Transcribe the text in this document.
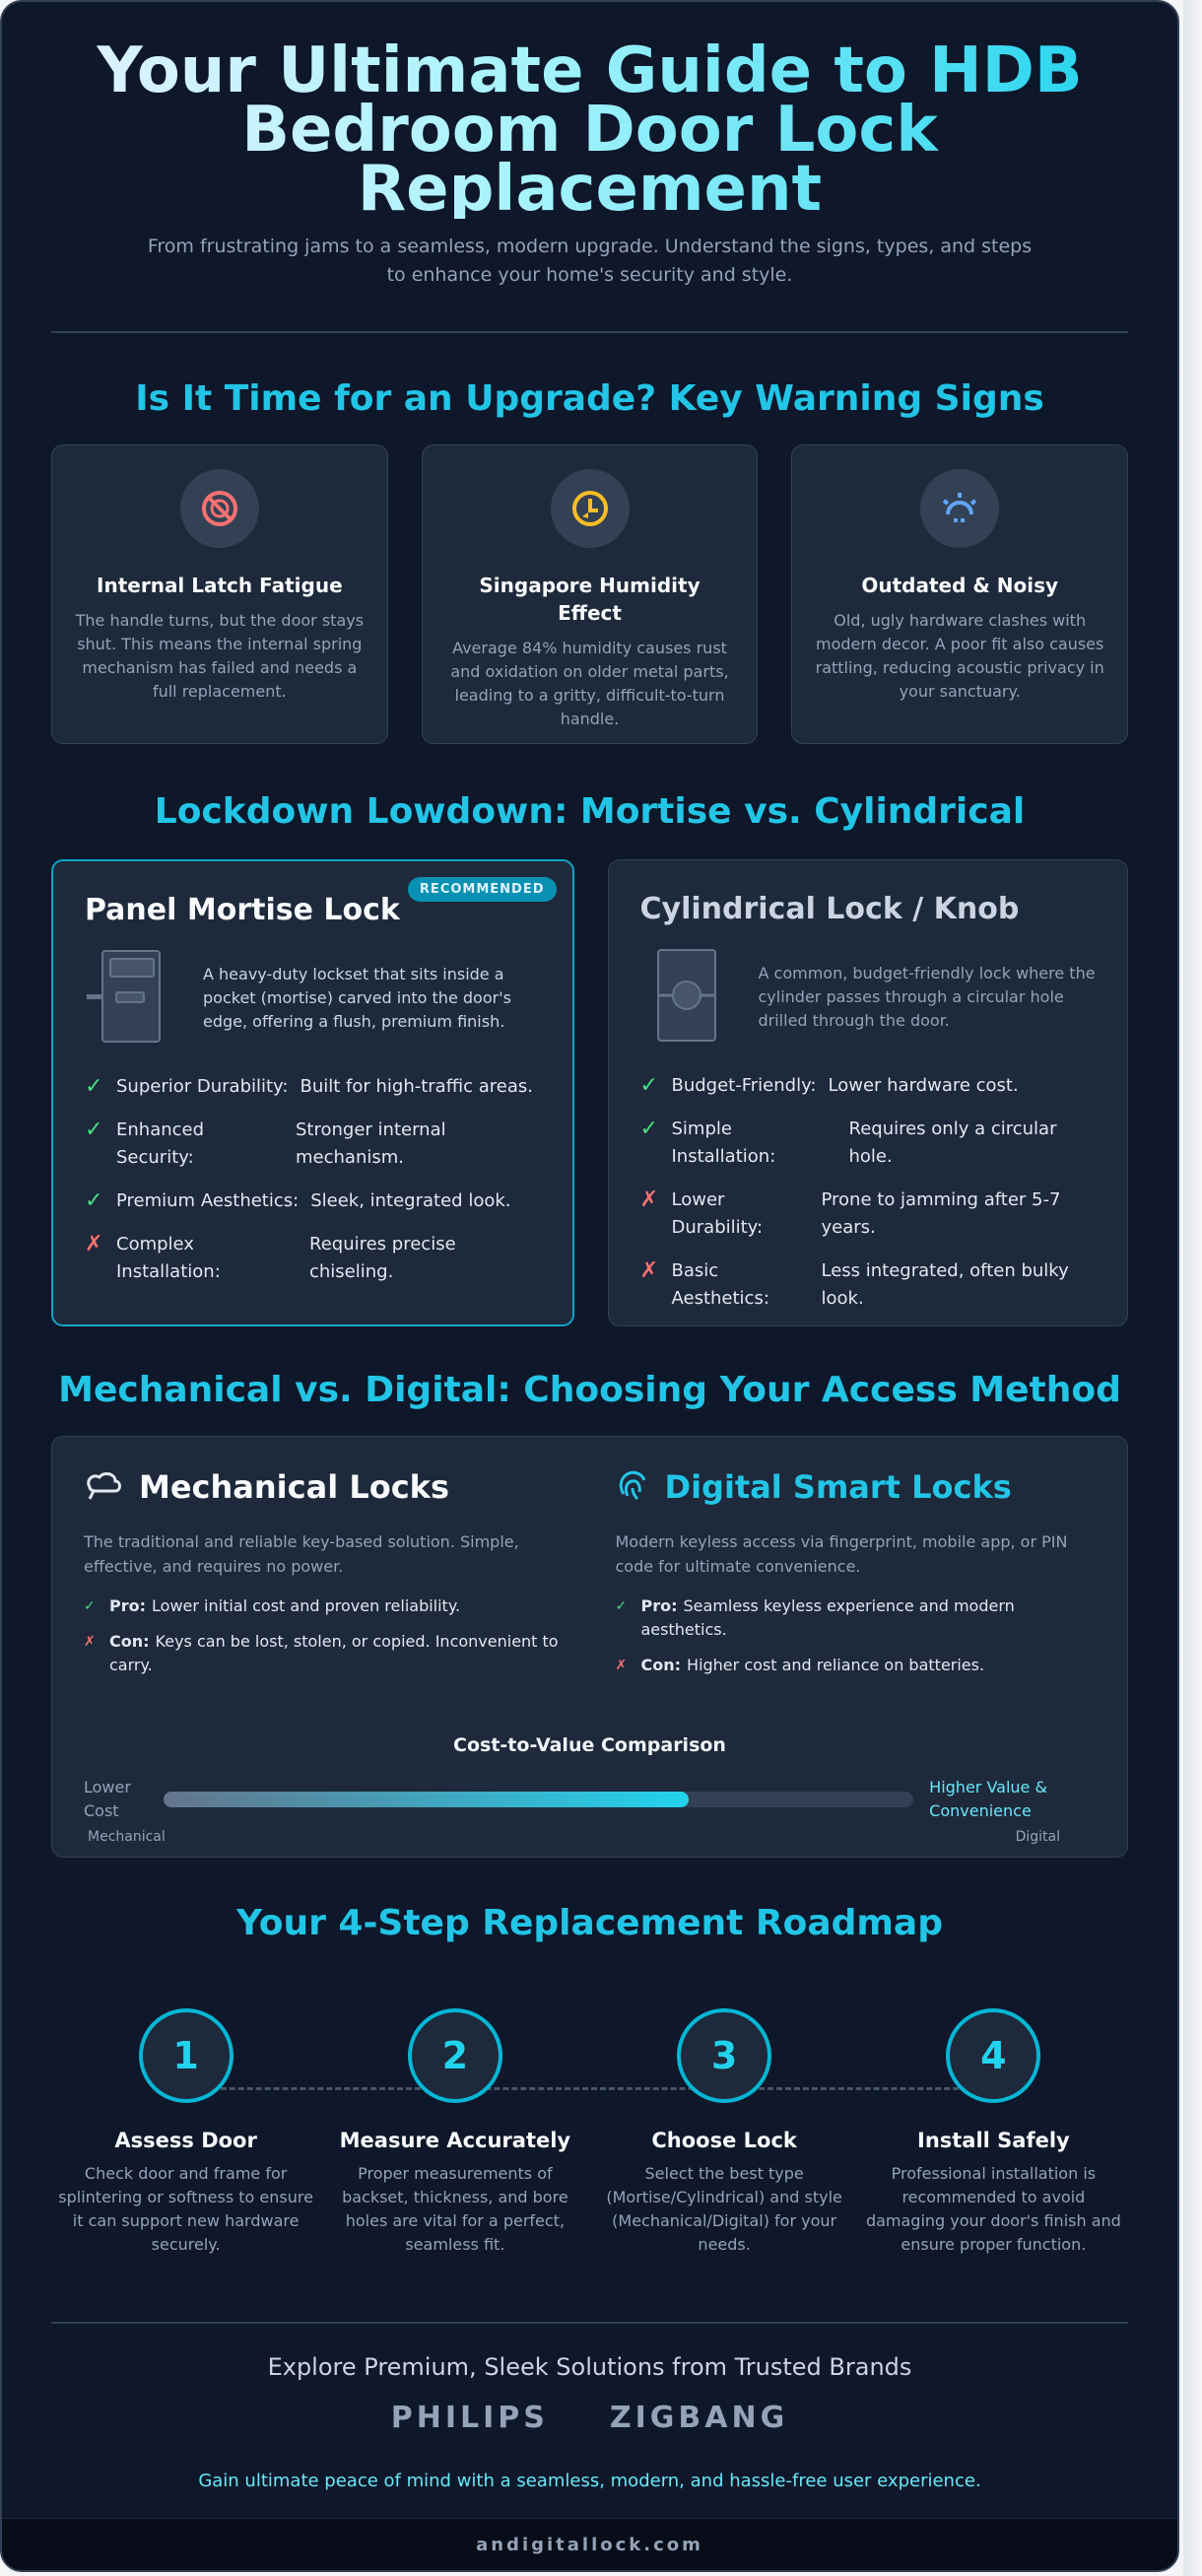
Your Ultimate Guide to HDB Bedroom Door Lock Replacement

From frustrating jams to a seamless, modern upgrade. Understand the signs, types, and steps to enhance your home's security and style.

Is It Time for an Upgrade? Key Warning Signs
Internal Latch Fatigue

The handle turns, but the door stays shut. This means the internal spring mechanism has failed and needs a full replacement.

Singapore Humidity Effect

Average 84% humidity causes rust and oxidation on older metal parts, leading to a gritty, difficult-to-turn handle.

Outdated & Noisy

Old, ugly hardware clashes with modern decor. A poor fit also causes rattling, reducing acoustic privacy in your sanctuary.

Lockdown Lowdown: Mortise vs. Cylindrical
RECOMMENDED
Panel Mortise Lock

A heavy-duty lockset that sits inside a pocket (mortise) carved into the door's edge, offering a flush, premium finish.

✓ Superior Durability: Built for high-traffic areas.
✓ Enhanced Security:
Stronger internal mechanism.
✓ Premium Aesthetics: Sleek, integrated look.
✗ Complex Installation:
Requires precise chiseling.
Cylindrical Lock / Knob

A common, budget-friendly lock where the cylinder passes through a circular hole drilled through the door.

✓ Budget-Friendly: Lower hardware cost.
✓ Simple Installation:
Requires only a circular hole.
✗ Lower Durability:
Prone to jamming after 5-7 years.
✗ Basic Aesthetics:
Less integrated, often bulky look.
Mechanical vs. Digital: Choosing Your Access Method
Mechanical Locks

The traditional and reliable key-based solution. Simple, effective, and requires no power.

✓ Pro: Lower initial cost and proven reliability.
✗ Con: Keys can be lost, stolen, or copied. Inconvenient to carry.
Digital Smart Locks

Modern keyless access via fingerprint, mobile app, or PIN code for ultimate convenience.

✓ Pro: Seamless keyless experience and modern aesthetics.
✗ Con: Higher cost and reliance on batteries.
Cost-to-Value Comparison
Lower Cost
Higher Value & Convenience
Mechanical	Digital
Your 4-Step Replacement Roadmap
1
Assess Door

Check door and frame for splintering or softness to ensure it can support new hardware securely.

2
Measure Accurately

Proper measurements of backset, thickness, and bore holes are vital for a perfect, seamless fit.

3
Choose Lock

Select the best type (Mortise/Cylindrical) and style (Mechanical/Digital) for your needs.

4
Install Safely

Professional installation is recommended to avoid damaging your door's finish and ensure proper function.

Explore Premium, Sleek Solutions from Trusted Brands
PHILIPS ZIGBANG
Gain ultimate peace of mind with a seamless, modern, and hassle-free user experience.
andigitallock.com
